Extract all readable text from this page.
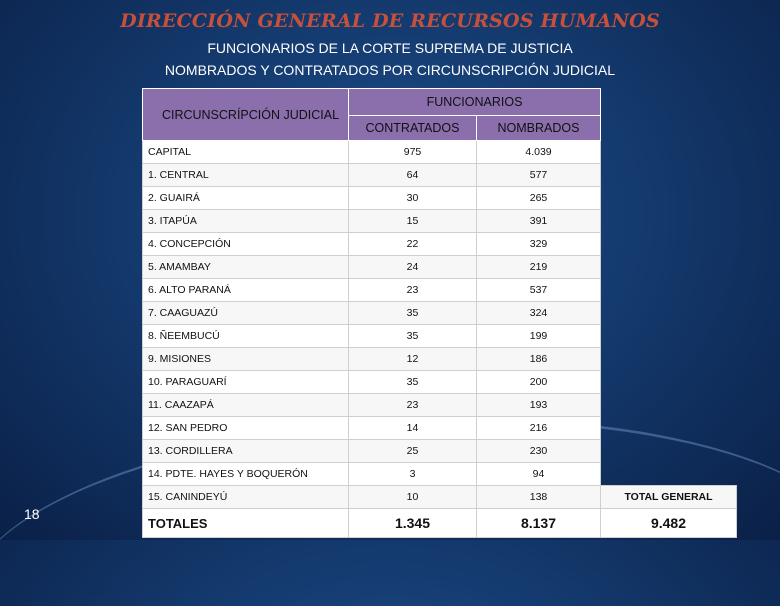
DIRECCIÓN GENERAL DE RECURSOS HUMANOS
FUNCIONARIOS DE LA CORTE SUPREMA DE JUSTICIA
NOMBRADOS Y CONTRATADOS POR CIRCUNSCRIPCIÓN JUDICIAL
CIRCUNSCRÍPCIÓN JUDICIAL	FUNCIONARIOS		
	CONTRATADOS	NOMBRADOS	
CAPITAL	975	4.039	
1. CENTRAL	64	577	
2. GUAIRÁ	30	265	
3. ITAPÚA	15	391	
4. CONCEPCIÓN	22	329	
5. AMAMBAY	24	219	
6. ALTO PARANÁ	23	537	
7. CAAGUAZÚ	35	324	
8. ÑEEMBUCÚ	35	199	
9. MISIONES	12	186	
10. PARAGUARÍ	35	200	
11. CAAZAPÁ	23	193	
12. SAN PEDRO	14	216	
13. CORDILLERA	25	230	
14. PDTE. HAYES Y BOQUERÓN	3	94	
15. CANINDEYÚ	10	138	TOTAL GENERAL
TOTALES	1.345	8.137	9.482
18
